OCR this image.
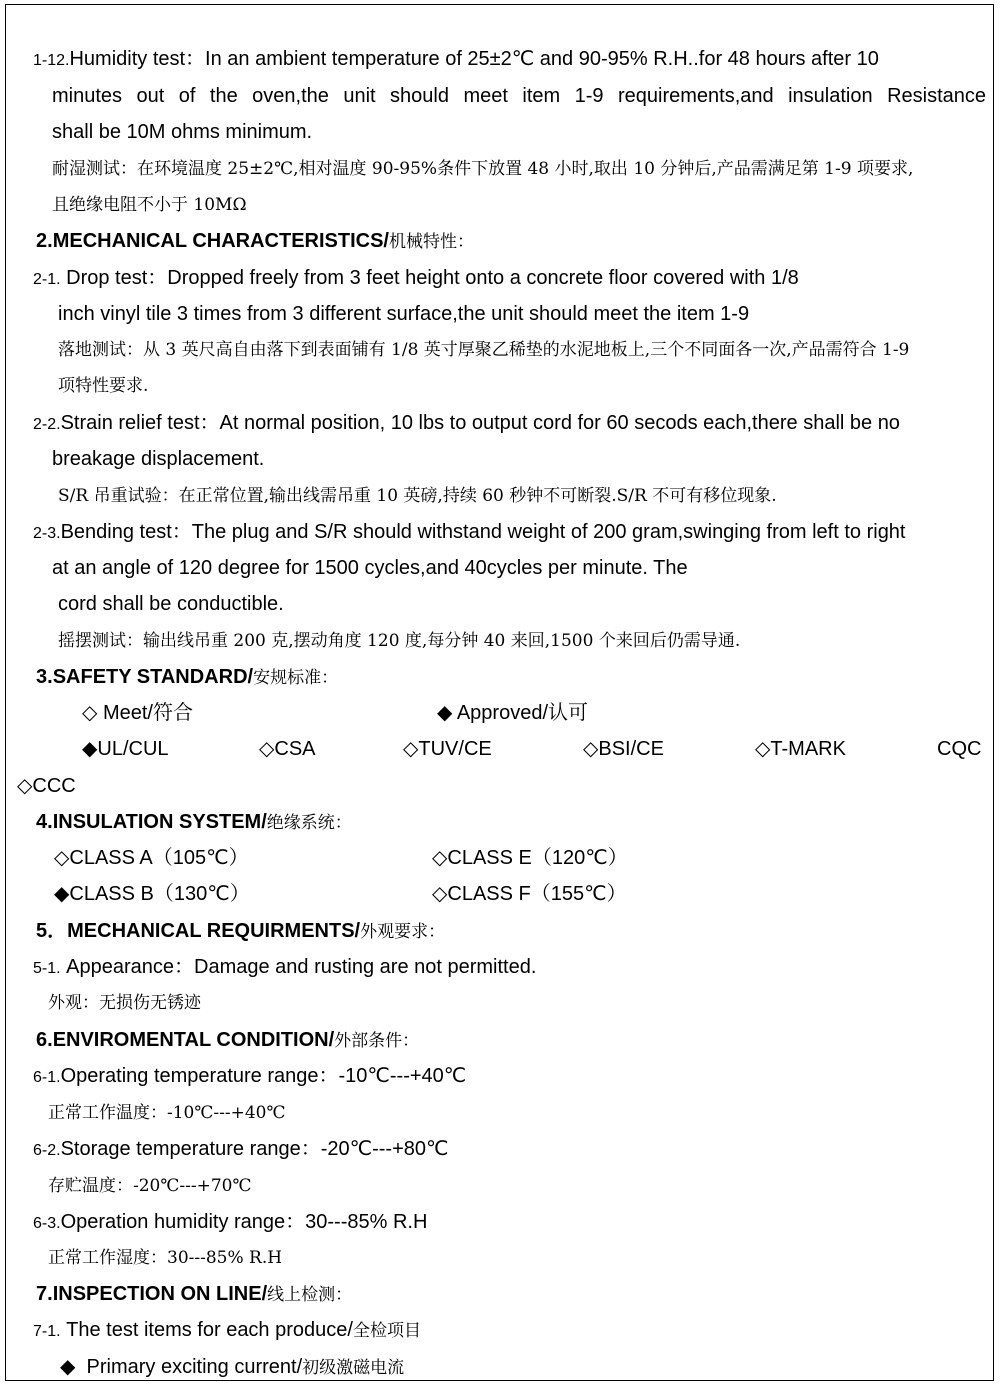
1-12.Humidity test：In an ambient temperature of 25±2℃ and 90-95% R.H..for 48 hours after 10
minutes out of the oven,the unit should meet item 1-9 requirements,and insulation Resistance
shall be 10M ohms minimum.
耐湿测试：在环境温度 25±2℃,相对温度 90-95%条件下放置 48 小时,取出 10 分钟后,产品需满足第 1-9 项要求,
且绝缘电阻不小于 10MΩ
2.MECHANICAL CHARACTERISTICS/机械特性：
2-1. Drop test：Dropped freely from 3 feet height onto a concrete floor covered with 1/8
inch vinyl tile 3 times from 3 different surface,the unit should meet the item 1-9
落地测试：从 3 英尺高自由落下到表面铺有 1/8 英寸厚聚乙稀垫的水泥地板上,三个不同面各一次,产品需符合 1-9
项特性要求.
2-2.Strain relief test：At normal position, 10 lbs to output cord for 60 secods each,there shall be no
breakage displacement.
S/R 吊重试验：在正常位置,输出线需吊重 10 英磅,持续 60 秒钟不可断裂.S/R 不可有移位现象.
2-3.Bending test：The plug and S/R should withstand weight of 200 gram,swinging from left to right
at an angle of 120 degree for 1500 cycles,and 40cycles per minute. The
cord shall be conductible.
摇摆测试：输出线吊重 200 克,摆动角度 120 度,每分钟 40 来回,1500 个来回后仍需导通.
3.SAFETY STANDARD/安规标准：
◇ Meet/符合	◆ Approved/认可
◆UL/CUL	◇CSA	◇TUV/CE	◇BSI/CE	◇T-MARK	CQC
◇CCC
4.INSULATION SYSTEM/绝缘系统：
◇CLASS A（105℃）	◇CLASS E（120℃）
◆CLASS B（130℃）	◇CLASS F（155℃）
5．MECHANICAL REQUIRMENTS/外观要求：
5-1. Appearance：Damage and rusting are not permitted.
外观：无损伤无锈迹
6.ENVIROMENTAL CONDITION/外部条件：
6-1.Operating temperature range：-10℃---+40℃
正常工作温度：-10℃---+40℃
6-2.Storage temperature range：-20℃---+80℃
存贮温度：-20℃---+70℃
6-3.Operation humidity range：30---85% R.H
正常工作湿度：30---85% R.H
7.INSPECTION ON LINE/线上检测：
7-1. The test items for each produce/全检项目
◆ Primary exciting current/初级激磁电流
